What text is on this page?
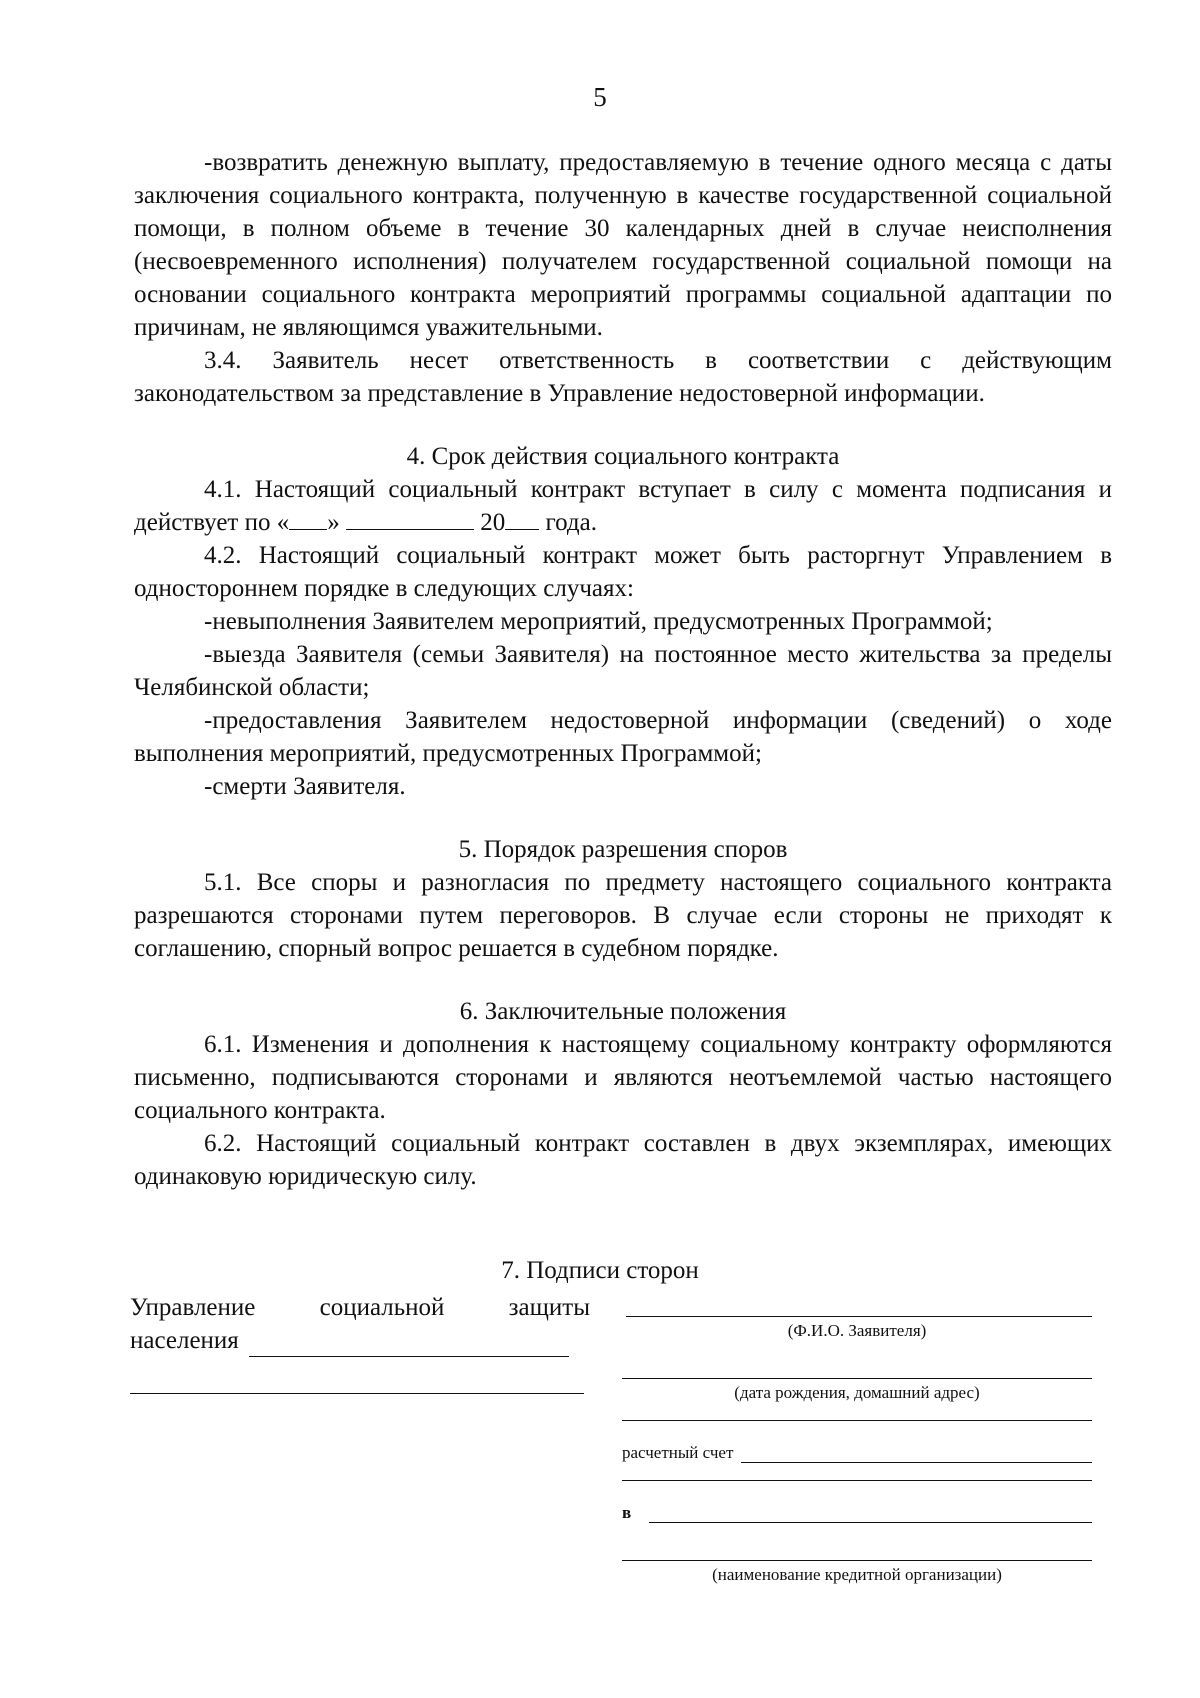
5

-возвратить денежную выплату, предоставляемую в течение одного месяца с даты заключения социального контракта, полученную в качестве государственной социальной помощи, в полном объеме в течение 30 календарных дней в случае неисполнения (несвоевременного исполнения) получателем государственной социальной помощи на основании социального контракта мероприятий программы социальной адаптации по причинам, не являющимся уважительными.

3.4. Заявитель несет ответственность в соответствии с действующим законодательством за представление в Управление недостоверной информации.

4. Срок действия социального контракта

4.1. Настоящий социальный контракт вступает в силу с момента подписания и действует по « »	20 года.

4.2. Настоящий социальный контракт может быть расторгнут Управлением в одностороннем порядке в следующих случаях:

-невыполнения Заявителем мероприятий, предусмотренных Программой;

-выезда Заявителя (семьи Заявителя) на постоянное место жительства за пределы Челябинской области;

-предоставления Заявителем недостоверной информации (сведений) о ходе выполнения мероприятий, предусмотренных Программой;

-смерти Заявителя.

5. Порядок разрешения споров

5.1. Все споры и разногласия по предмету настоящего социального контракта разрешаются сторонами путем переговоров. В случае если стороны не приходят к соглашению, спорный вопрос решается в судебном порядке.

6. Заключительные положения

6.1. Изменения и дополнения к настоящему социальному контракту оформляются письменно, подписываются сторонами и являются неотъемлемой частью настоящего социального контракта.

6.2. Настоящий социальный контракт составлен в двух экземплярах, имеющих одинаковую юридическую силу.

7. Подписи сторон
Управление	социальной	защиты
населения	(Ф.И.О. Заявителя)
(дата рождения, домашний адрес)
расчетный счет
в
(наименование кредитной организации)
